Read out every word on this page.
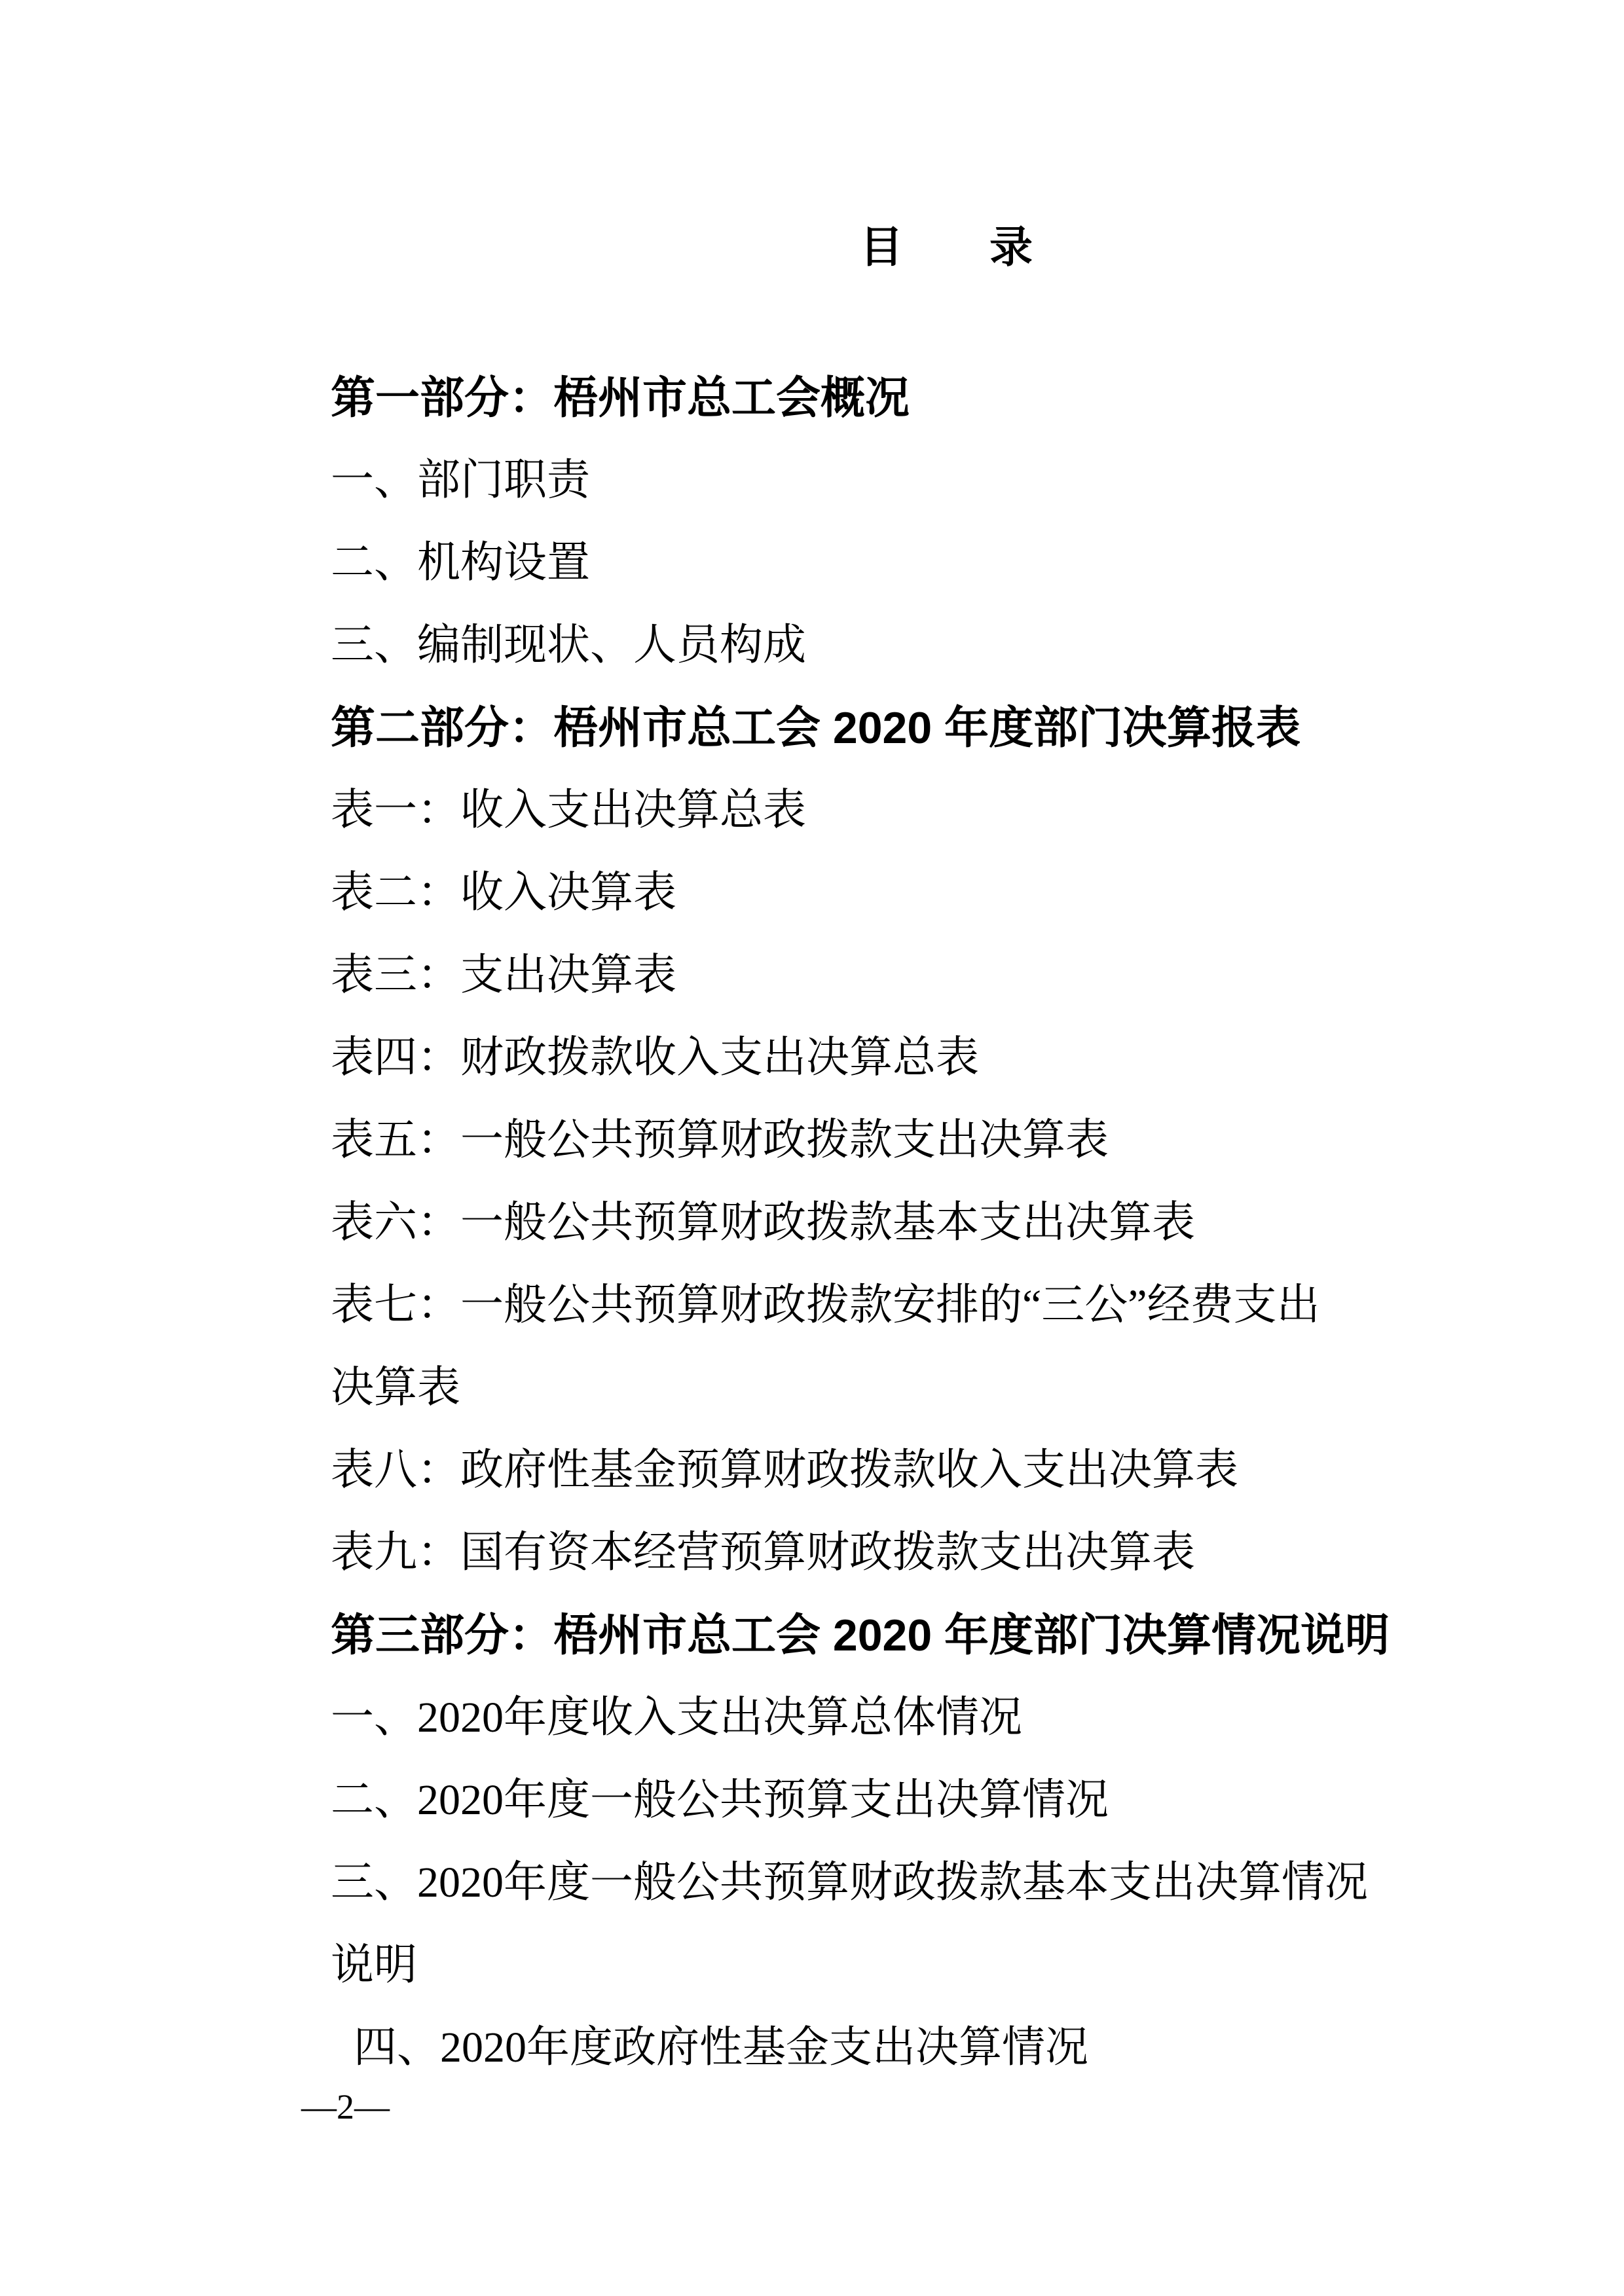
目　　录
第一部分：梧州市总工会概况
一、部门职责
二、机构设置
三、编制现状、人员构成
第二部分：梧州市总工会 2020 年度部门决算报表
表一：收入支出决算总表
表二：收入决算表
表三：支出决算表
表四：财政拨款收入支出决算总表
表五：一般公共预算财政拨款支出决算表
表六：一般公共预算财政拨款基本支出决算表
表七：一般公共预算财政拨款安排的“三公”经费支出
决算表
表八：政府性基金预算财政拨款收入支出决算表
表九：国有资本经营预算财政拨款支出决算表
第三部分：梧州市总工会 2020 年度部门决算情况说明
一、2020年度收入支出决算总体情况
二、2020年度一般公共预算支出决算情况
三、2020年度一般公共预算财政拨款基本支出决算情况
说明
四、2020年度政府性基金支出决算情况
—2—
